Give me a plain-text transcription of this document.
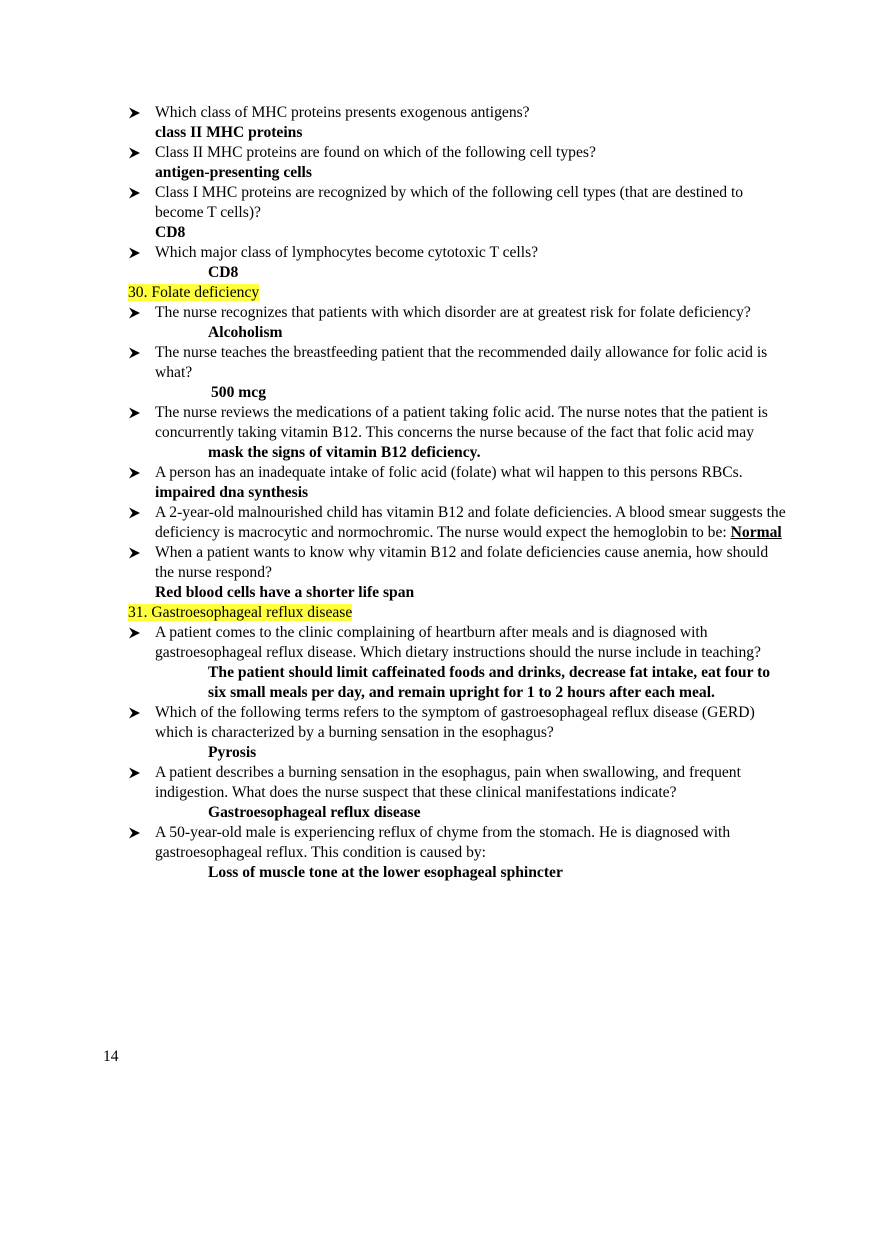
Which class of MHC proteins presents exogenous antigens?
class II MHC proteins
Class II MHC proteins are found on which of the following cell types?
antigen-presenting cells
Class I MHC proteins are recognized by which of the following cell types (that are destined to become T cells)?
CD8
Which major class of lymphocytes become cytotoxic T cells?
CD8
30. Folate deficiency
The nurse recognizes that patients with which disorder are at greatest risk for folate deficiency?
Alcoholism
The nurse teaches the breastfeeding patient that the recommended daily allowance for folic acid is what?
500 mcg
The nurse reviews the medications of a patient taking folic acid. The nurse notes that the patient is concurrently taking vitamin B12. This concerns the nurse because of the fact that folic acid may
mask the signs of vitamin B12 deficiency.
A person has an inadequate intake of folic acid (folate) what wil happen to this persons RBCs.
impaired dna synthesis
A 2-year-old malnourished child has vitamin B12 and folate deficiencies. A blood smear suggests the deficiency is macrocytic and normochromic. The nurse would expect the hemoglobin to be: Normal
When a patient wants to know why vitamin B12 and folate deficiencies cause anemia, how should the nurse respond?
Red blood cells have a shorter life span
31. Gastroesophageal reflux disease
A patient comes to the clinic complaining of heartburn after meals and is diagnosed with gastroesophageal reflux disease. Which dietary instructions should the nurse include in teaching?
The patient should limit caffeinated foods and drinks, decrease fat intake, eat four to six small meals per day, and remain upright for 1 to 2 hours after each meal.
Which of the following terms refers to the symptom of gastroesophageal reflux disease (GERD) which is characterized by a burning sensation in the esophagus?
Pyrosis
A patient describes a burning sensation in the esophagus, pain when swallowing, and frequent indigestion. What does the nurse suspect that these clinical manifestations indicate?
Gastroesophageal reflux disease
A 50-year-old male is experiencing reflux of chyme from the stomach. He is diagnosed with gastroesophageal reflux. This condition is caused by:
Loss of muscle tone at the lower esophageal sphincter
14
